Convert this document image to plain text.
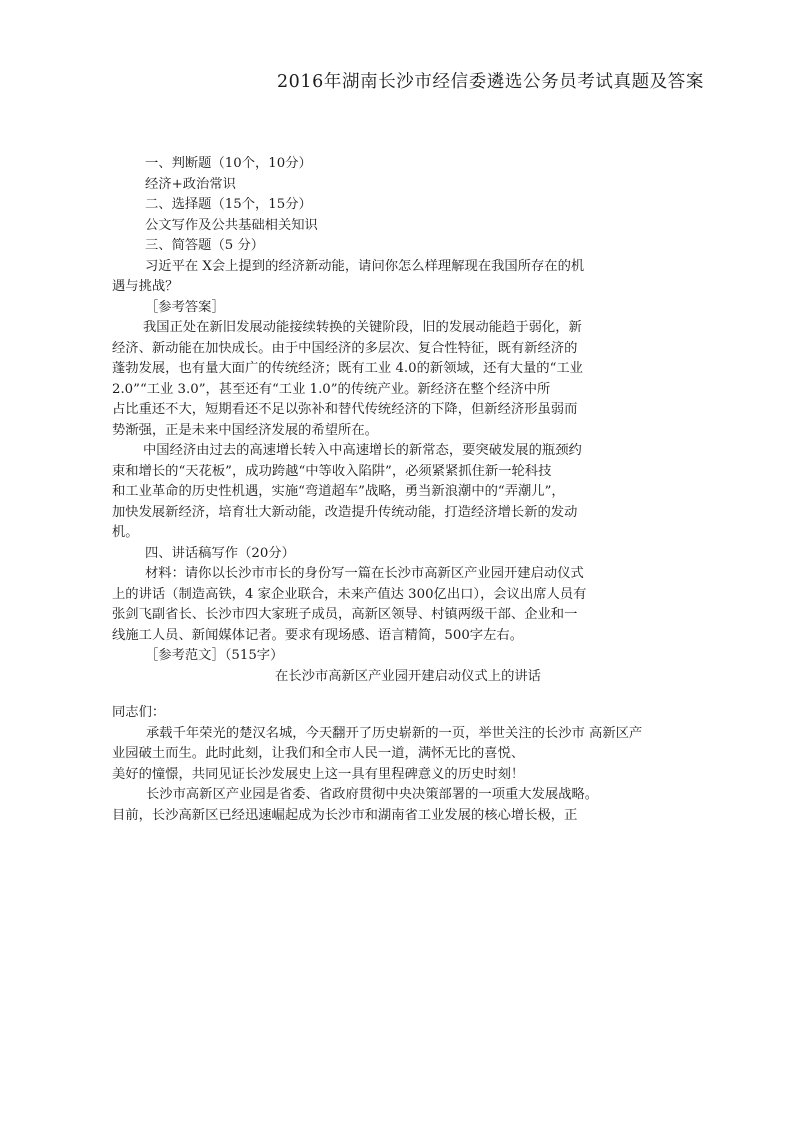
2016年湖南长沙市经信委遴选公务员考试真题及答案
一、判断题（10个，10分）
经济+政治常识
二、选择题（15个，15分）
公文写作及公共基础相关知识
三、简答题（5 分）
习近平在 X会上提到的经济新动能，请问你怎么样理解现在我国所存在的机
遇与挑战？
［参考答案］
我国正处在新旧发展动能接续转换的关键阶段，旧的发展动能趋于弱化，新
经济、新动能在加快成长。由于中国经济的多层次、复合性特征，既有新经济的
蓬勃发展，也有量大面广的传统经济；既有工业 4.0的新领域，还有大量的“工业
2.0”“工业 3.0”，甚至还有“工业 1.0”的传统产业。新经济在整个经济中所
占比重还不大，短期看还不足以弥补和替代传统经济的下降，但新经济形虽弱而
势渐强，正是未来中国经济发展的希望所在。
中国经济由过去的高速增长转入中高速增长的新常态，要突破发展的瓶颈约
束和增长的“天花板”，成功跨越“中等收入陷阱”，必须紧紧抓住新一轮科技
和工业革命的历史性机遇，实施“弯道超车”战略，勇当新浪潮中的“弄潮儿”，
加快发展新经济，培育壮大新动能，改造提升传统动能，打造经济增长新的发动
机。
四、讲话稿写作（20分）
材料：请你以长沙市市长的身份写一篇在长沙市高新区产业园开建启动仪式
上的讲话（制造高铁，4 家企业联合，未来产值达 300亿出口），会议出席人员有
张剑飞副省长、长沙市四大家班子成员，高新区领导、村镇两级干部、企业和一
线施工人员、新闻媒体记者。要求有现场感、语言精简，500字左右。
［参考范文］（515字）
在长沙市高新区产业园开建启动仪式上的讲话
同志们：
承载千年荣光的楚汉名城，今天翻开了历史崭新的一页，举世关注的长沙市 高新区产
业园破土而生。此时此刻，让我们和全市人民一道，满怀无比的喜悦、
美好的憧憬，共同见证长沙发展史上这一具有里程碑意义的历史时刻！
长沙市高新区产业园是省委、省政府贯彻中央决策部署的一项重大发展战略。
目前，长沙高新区已经迅速崛起成为长沙市和湖南省工业发展的核心增长极，正
